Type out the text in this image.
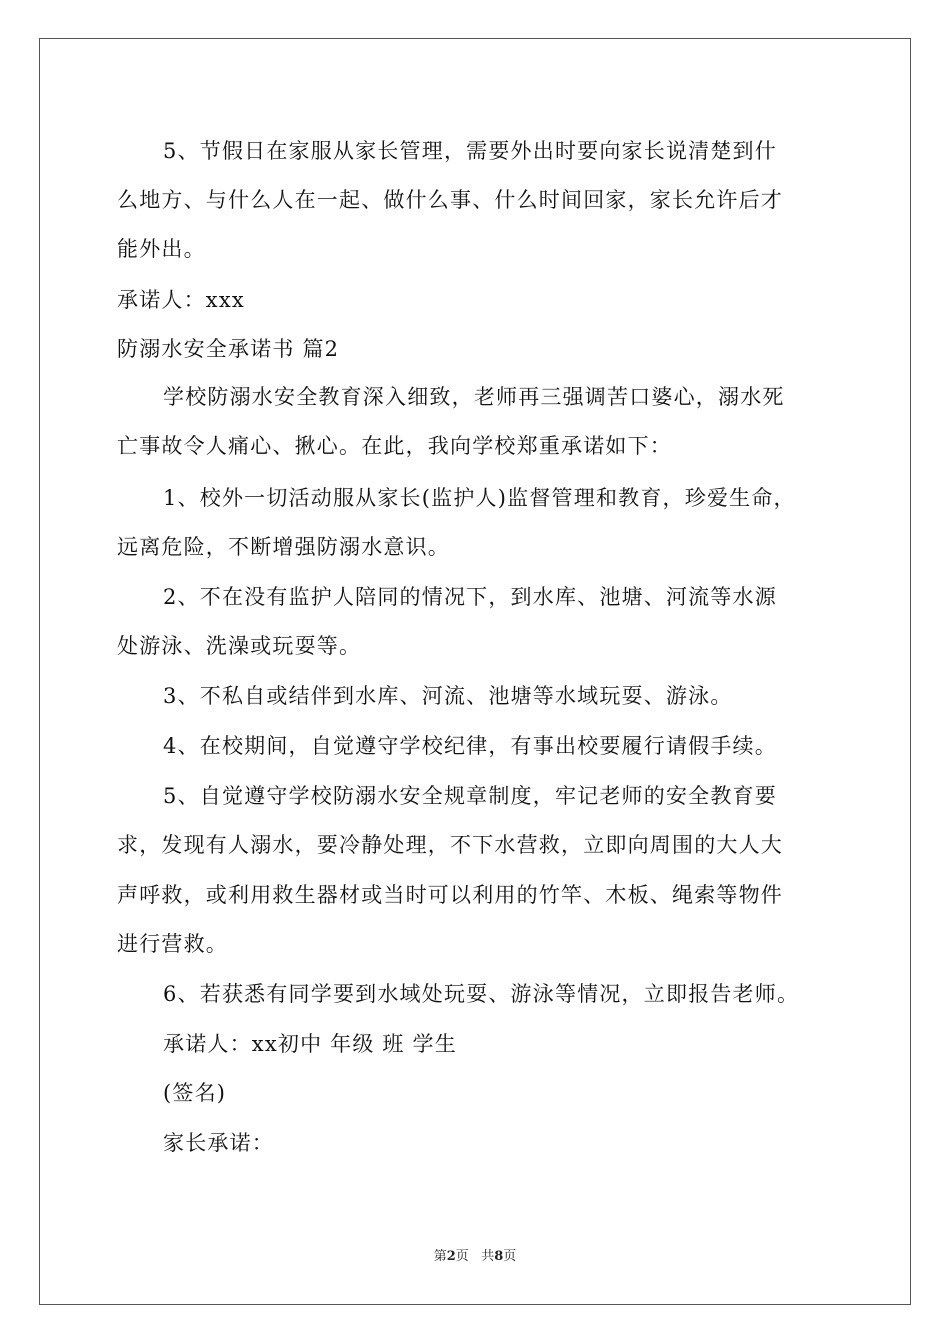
5、节假日在家服从家长管理，需要外出时要向家长说清楚到什
么地方、与什么人在一起、做什么事、什么时间回家，家长允许后才
能外出。
承诺人：xxx
防溺水安全承诺书 篇2
学校防溺水安全教育深入细致，老师再三强调苦口婆心，溺水死
亡事故令人痛心、揪心。在此，我向学校郑重承诺如下：
1、校外一切活动服从家长(监护人)监督管理和教育，珍爱生命，
远离危险，不断增强防溺水意识。
2、不在没有监护人陪同的情况下，到水库、池塘、河流等水源
处游泳、洗澡或玩耍等。
3、不私自或结伴到水库、河流、池塘等水域玩耍、游泳。
4、在校期间，自觉遵守学校纪律，有事出校要履行请假手续。
5、自觉遵守学校防溺水安全规章制度，牢记老师的安全教育要
求，发现有人溺水，要冷静处理，不下水营救，立即向周围的大人大
声呼救，或利用救生器材或当时可以利用的竹竿、木板、绳索等物件
进行营救。
6、若获悉有同学要到水域处玩耍、游泳等情况，立即报告老师。
承诺人：xx初中 年级 班 学生
(签名)
家长承诺：
第2页 共8页
